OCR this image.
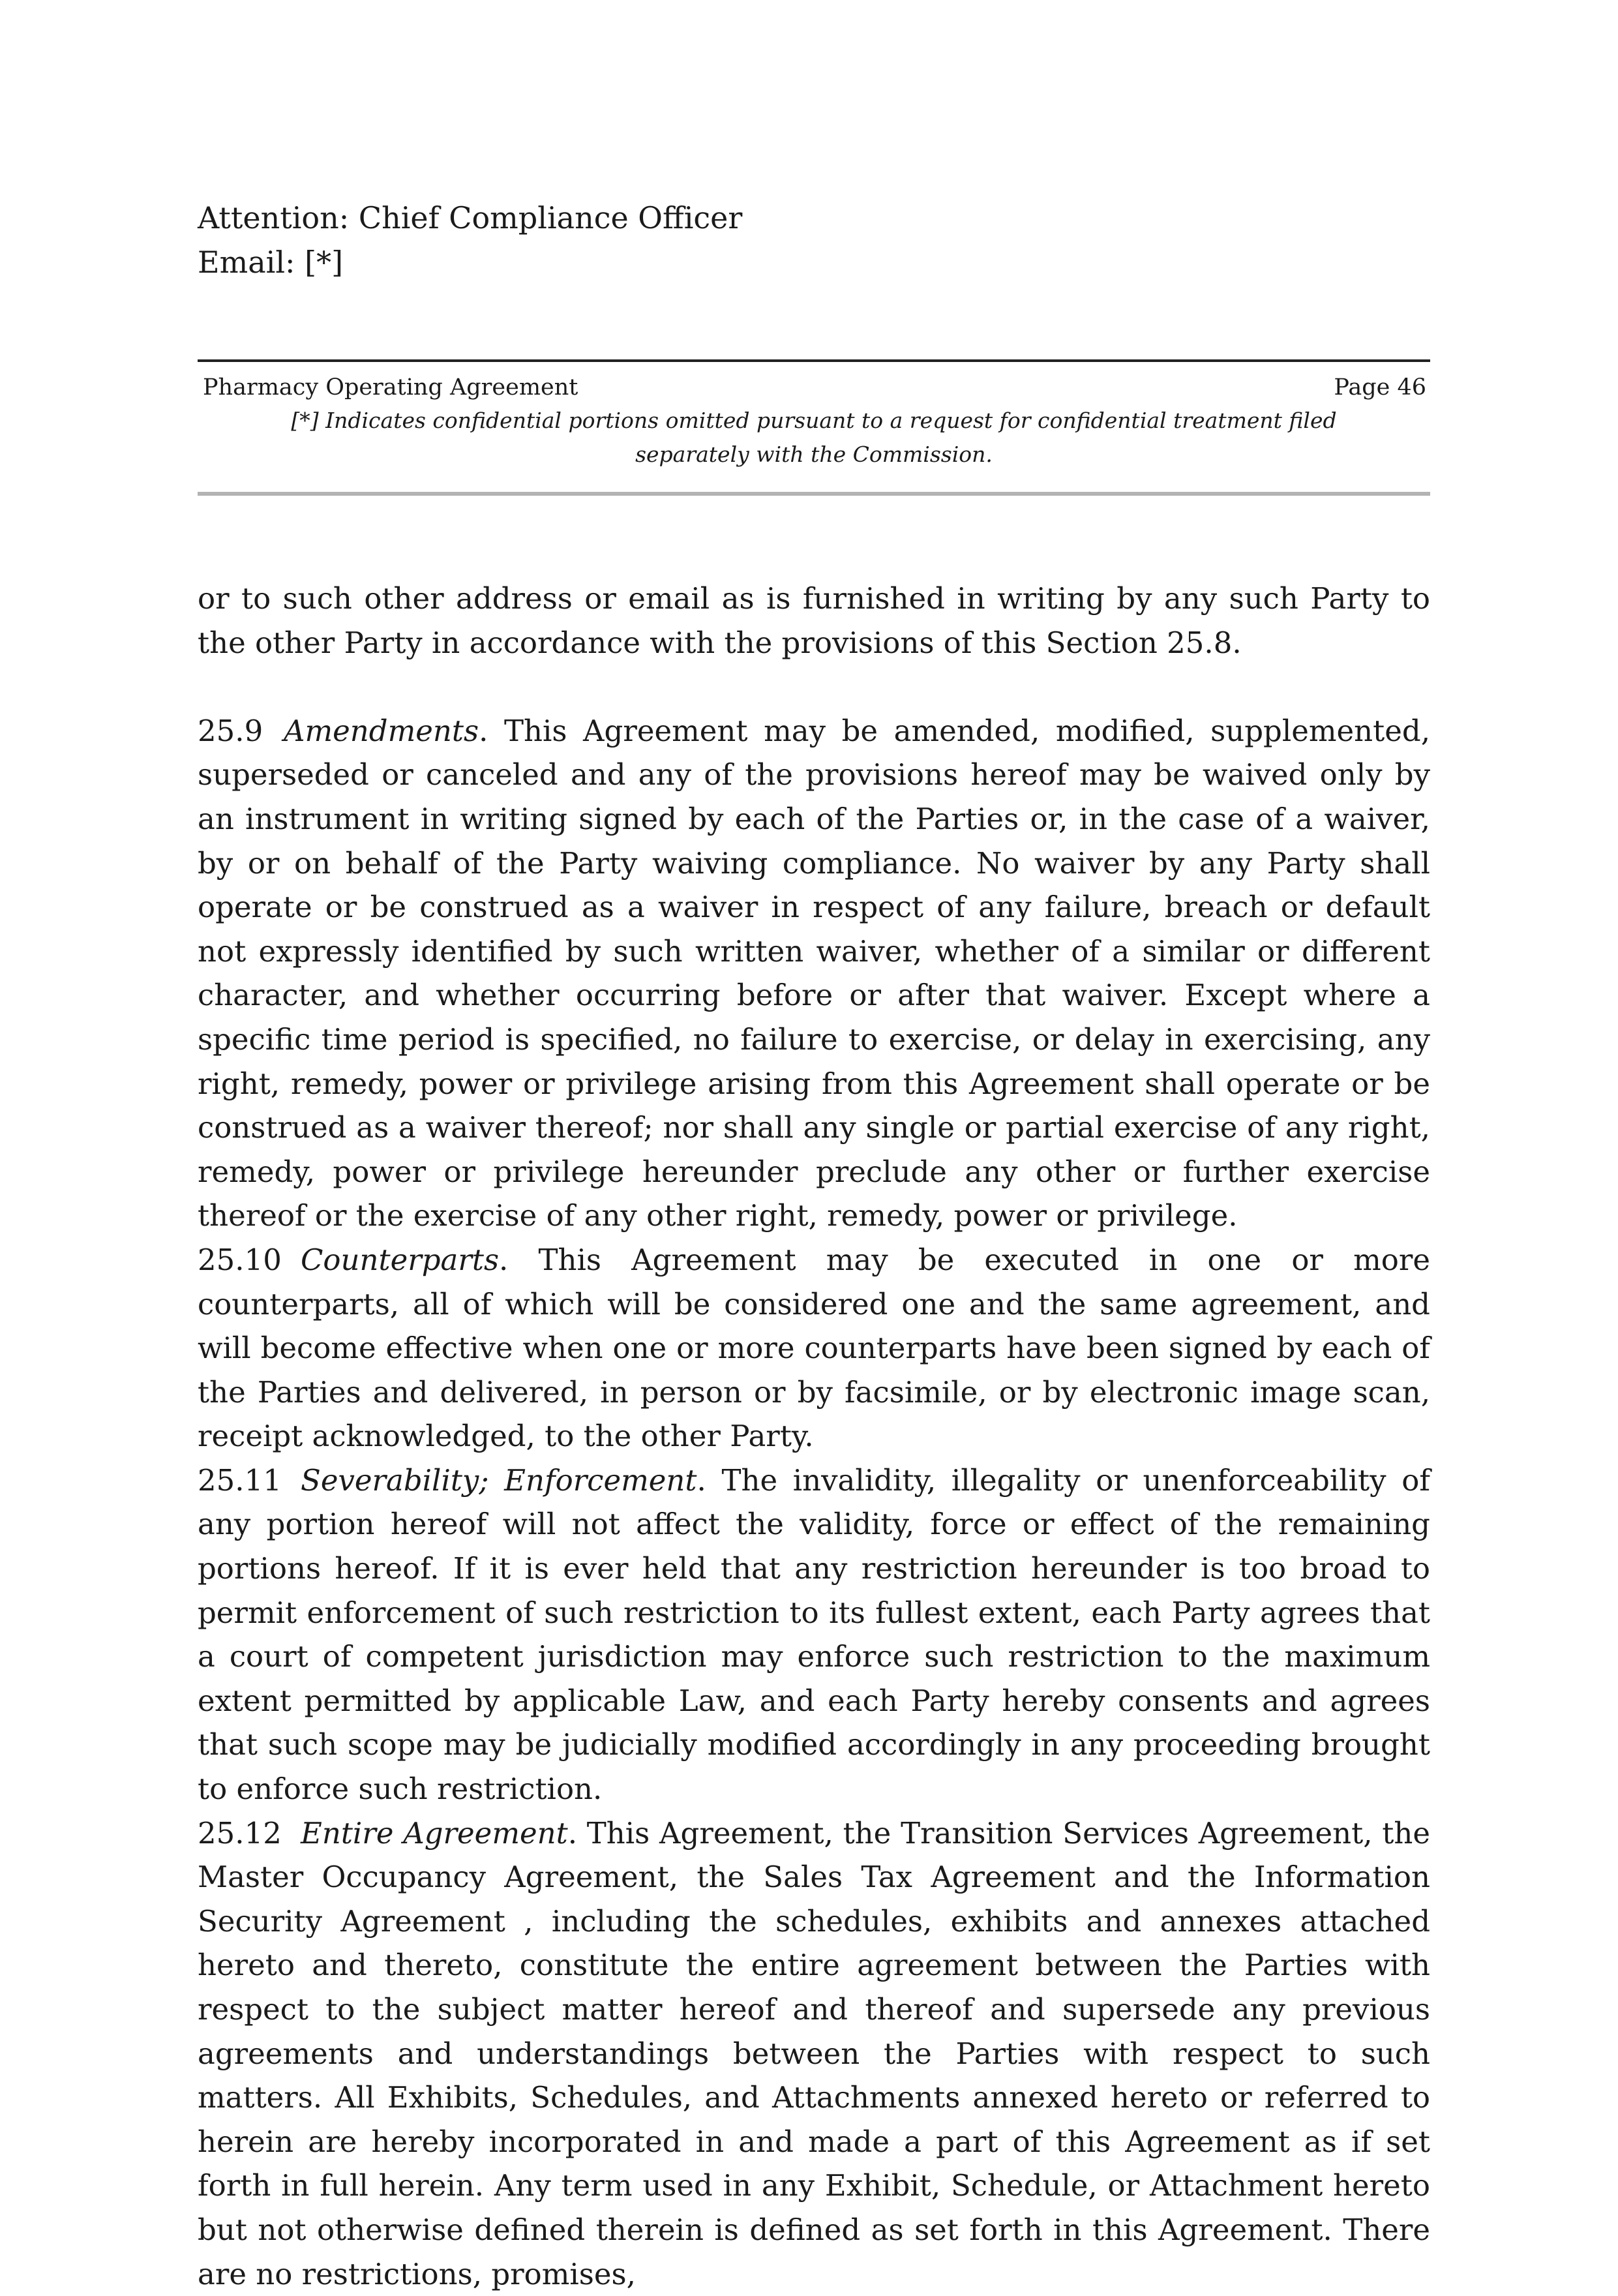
Attention: Chief Compliance Officer
Email: [*]
Pharmacy Operating Agreement	Page 46
[*] Indicates confidential portions omitted pursuant to a request for confidential treatment filed
separately with the Commission.

or to such other address or email as is furnished in writing by any such Party to the other Party in accordance with the provisions of this Section 25.8.

25.9 Amendments. This Agreement may be amended, modified, supplemented, superseded or canceled and any of the provisions hereof may be waived only by an instrument in writing signed by each of the Parties or, in the case of a waiver, by or on behalf of the Party waiving compliance. No waiver by any Party shall operate or be construed as a waiver in respect of any failure, breach or default not expressly identified by such written waiver, whether of a similar or different character, and whether occurring before or after that waiver. Except where a specific time period is specified, no failure to exercise, or delay in exercising, any right, remedy, power or privilege arising from this Agreement shall operate or be construed as a waiver thereof; nor shall any single or partial exercise of any right, remedy, power or privilege hereunder preclude any other or further exercise thereof or the exercise of any other right, remedy, power or privilege.

25.10 Counterparts. This Agreement may be executed in one or more counterparts, all of which will be considered one and the same agreement, and will become effective when one or more counterparts have been signed by each of the Parties and delivered, in person or by facsimile, or by electronic image scan, receipt acknowledged, to the other Party.

25.11 Severability; Enforcement. The invalidity, illegality or unenforceability of any portion hereof will not affect the validity, force or effect of the remaining portions hereof. If it is ever held that any restriction hereunder is too broad to permit enforcement of such restriction to its fullest extent, each Party agrees that a court of competent jurisdiction may enforce such restriction to the maximum extent permitted by applicable Law, and each Party hereby consents and agrees that such scope may be judicially modified accordingly in any proceeding brought to enforce such restriction.

25.12 Entire Agreement. This Agreement, the Transition Services Agreement, the Master Occupancy Agreement, the Sales Tax Agreement and the Information Security Agreement , including the schedules, exhibits and annexes attached hereto and thereto, constitute the entire agreement between the Parties with respect to the subject matter hereof and thereof and supersede any previous agreements and understandings between the Parties with respect to such matters. All Exhibits, Schedules, and Attachments annexed hereto or referred to herein are hereby incorporated in and made a part of this Agreement as if set forth in full herein. Any term used in any Exhibit, Schedule, or Attachment hereto but not otherwise defined therein is defined as set forth in this Agreement. There are no restrictions, promises,
